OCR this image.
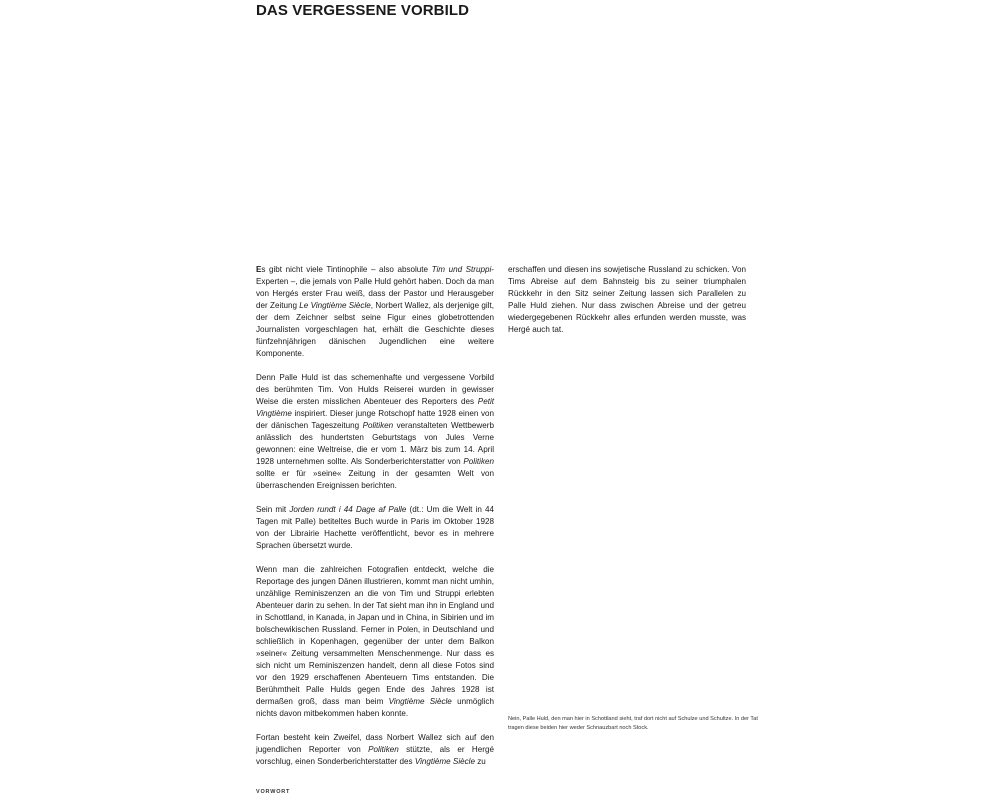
DAS VERGESSENE VORBILD

Es gibt nicht viele Tintinophile – also absolute Tim und Struppi-Experten –, die jemals von Palle Huld gehört haben. Doch da man von Hergés erster Frau weiß, dass der Pastor und Herausgeber der Zeitung Le Vingtième Siècle, Norbert Wallez, als derjenige gilt, der dem Zeichner selbst seine Figur eines globetrottenden Journalisten vorgeschlagen hat, erhält die Geschichte dieses fünfzehnjährigen dänischen Jugendlichen eine weitere Komponente.

Denn Palle Huld ist das schemenhafte und vergessene Vorbild des berühmten Tim. Von Hulds Reiserei wurden in gewisser Weise die ersten misslichen Abenteuer des Reporters des Petit Vingtième inspiriert. Dieser junge Rotschopf hatte 1928 einen von der dänischen Tageszeitung Politiken veranstalteten Wettbewerb anlässlich des hundertsten Geburtstags von Jules Verne gewonnen: eine Weltreise, die er vom 1. März bis zum 14. April 1928 unternehmen sollte. Als Sonderberichterstatter von Politiken sollte er für »seine« Zeitung in der gesamten Welt von überraschenden Ereignissen berichten.

Sein mit Jorden rundt i 44 Dage af Palle (dt.: Um die Welt in 44 Tagen mit Palle) betiteltes Buch wurde in Paris im Oktober 1928 von der Librairie Hachette veröffentlicht, bevor es in mehrere Sprachen übersetzt wurde.

Wenn man die zahlreichen Fotografien entdeckt, welche die Reportage des jungen Dänen illustrieren, kommt man nicht umhin, unzählige Reminiszenzen an die von Tim und Struppi erlebten Abenteuer darin zu sehen. In der Tat sieht man ihn in England und in Schottland, in Kanada, in Japan und in China, in Sibirien und im bolschewikischen Russland. Ferner in Polen, in Deutschland und schließlich in Kopenhagen, gegenüber der unter dem Balkon »seiner« Zeitung versammelten Menschenmenge. Nur dass es sich nicht um Reminiszenzen handelt, denn all diese Fotos sind vor den 1929 erschaffenen Abenteuern Tims entstanden. Die Berühmtheit Palle Hulds gegen Ende des Jahres 1928 ist dermaßen groß, dass man beim Vingtième Siècle unmöglich nichts davon mitbekommen haben konnte.

Fortan besteht kein Zweifel, dass Norbert Wallez sich auf den jugendlichen Reporter von Politiken stützte, als er Hergé vorschlug, einen Sonderberichterstatter des Vingtième Siècle zu

erschaffen und diesen ins sowjetische Russland zu schicken. Von Tims Abreise auf dem Bahnsteig bis zu seiner triumphalen Rückkehr in den Sitz seiner Zeitung lassen sich Parallelen zu Palle Huld ziehen. Nur dass zwischen Abreise und der getreu wiedergegebenen Rückkehr alles erfunden werden musste, was Hergé auch tat.

Nein, Palle Huld, den man hier in Schottland sieht, traf dort nicht auf Schulze und Schultze. In der Tat tragen diese beiden hier weder Schnauzbart noch Stock.
VORWORT
